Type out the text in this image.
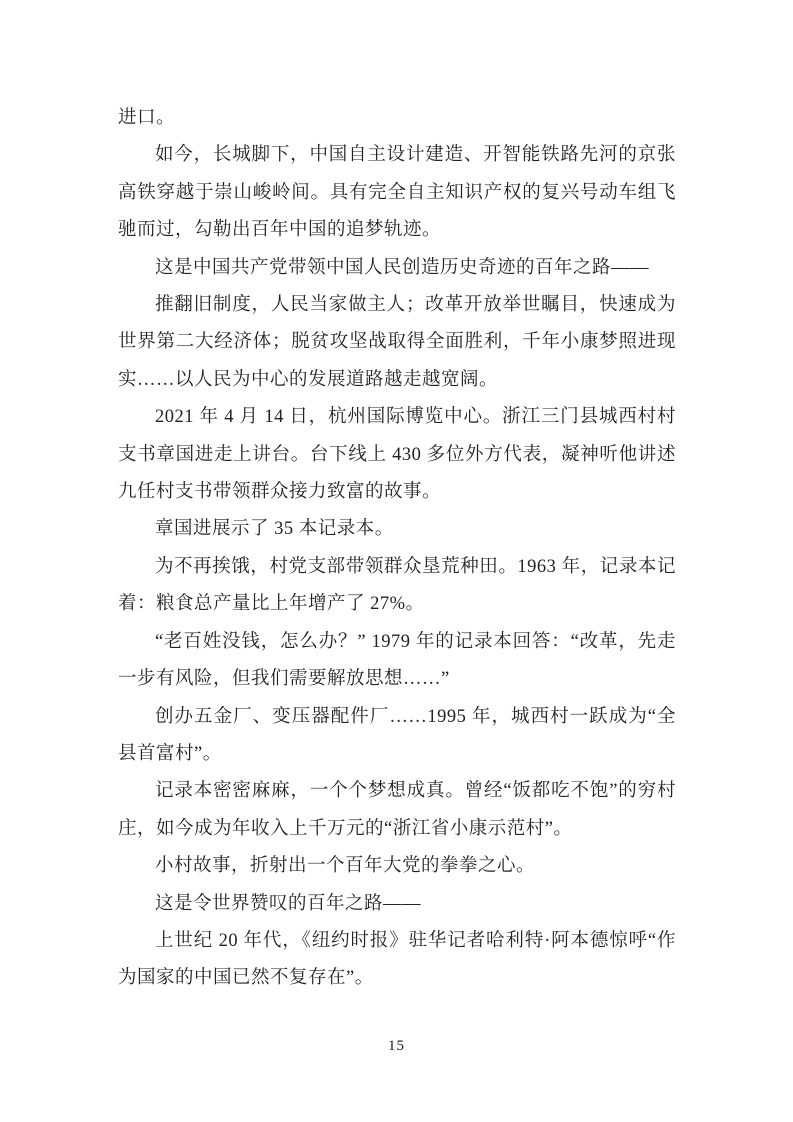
进口。

如今，长城脚下，中国自主设计建造、开智能铁路先河的京张高铁穿越于崇山峻岭间。具有完全自主知识产权的复兴号动车组飞驰而过，勾勒出百年中国的追梦轨迹。

这是中国共产党带领中国人民创造历史奇迹的百年之路——

推翻旧制度，人民当家做主人；改革开放举世瞩目，快速成为世界第二大经济体；脱贫攻坚战取得全面胜利，千年小康梦照进现实……以人民为中心的发展道路越走越宽阔。

2021 年 4 月 14 日，杭州国际博览中心。浙江三门县城西村村支书章国进走上讲台。台下线上 430 多位外方代表，凝神听他讲述九任村支书带领群众接力致富的故事。

章国进展示了 35 本记录本。

为不再挨饿，村党支部带领群众垦荒种田。1963 年，记录本记着：粮食总产量比上年增产了 27%。

“老百姓没钱，怎么办？” 1979 年的记录本回答：“改革，先走一步有风险，但我们需要解放思想……”

创办五金厂、变压器配件厂……1995 年，城西村一跃成为“全县首富村”。

记录本密密麻麻，一个个梦想成真。曾经“饭都吃不饱”的穷村庄，如今成为年收入上千万元的“浙江省小康示范村”。

小村故事，折射出一个百年大党的拳拳之心。

这是令世界赞叹的百年之路——

上世纪 20 年代，《纽约时报》驻华记者哈利特·阿本德惊呼“作为国家的中国已然不复存在”。

15
